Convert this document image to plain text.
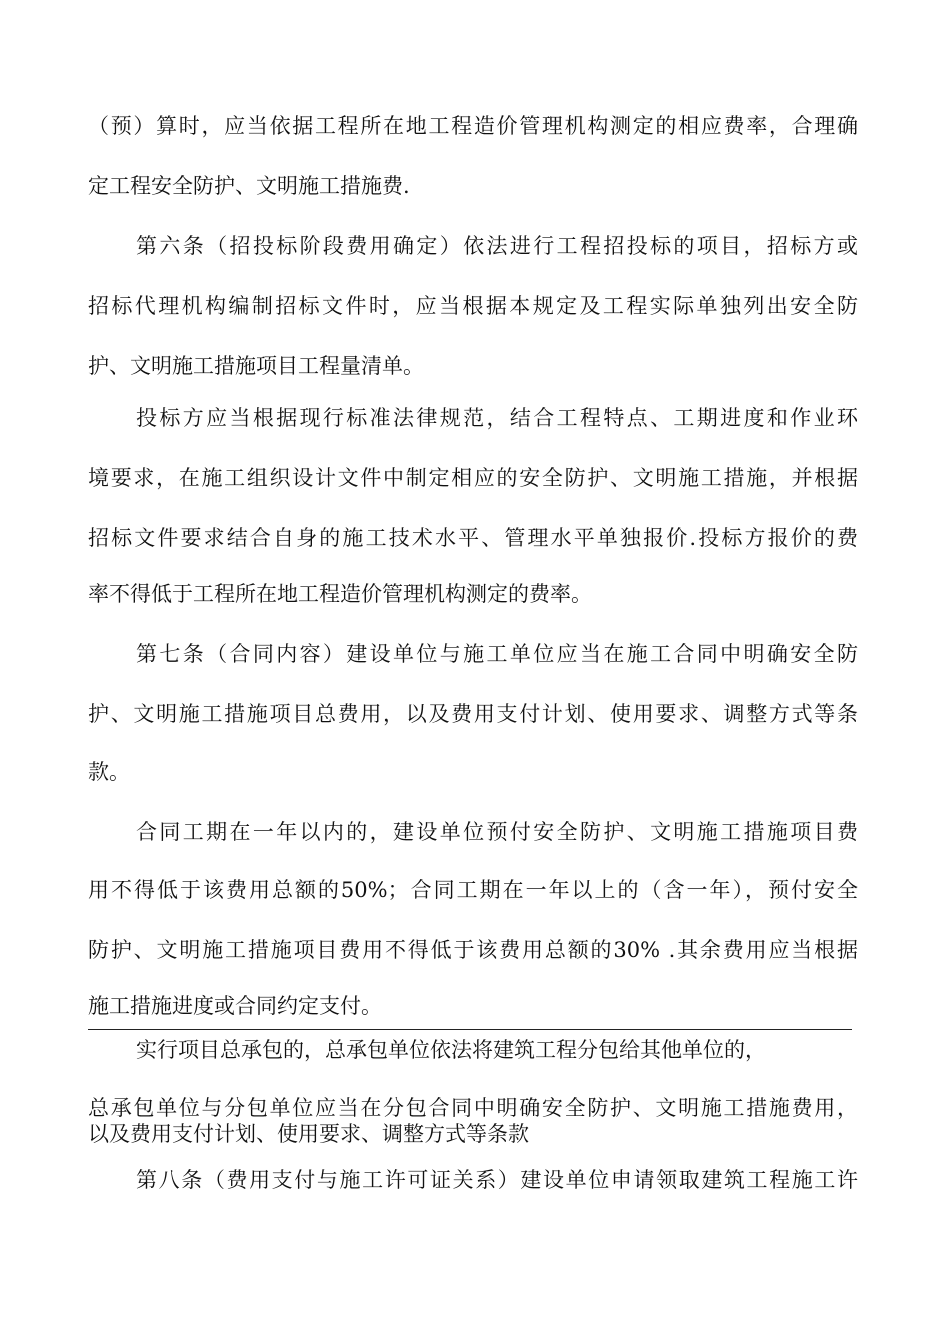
（预）算时，应当依据工程所在地工程造价管理机构测定的相应费率，合理确
定工程安全防护、文明施工措施费.
第六条（招投标阶段费用确定）依法进行工程招投标的项目，招标方或
招标代理机构编制招标文件时，应当根据本规定及工程实际单独列出安全防
护、文明施工措施项目工程量清单。
投标方应当根据现行标准法律规范，结合工程特点、工期进度和作业环
境要求，在施工组织设计文件中制定相应的安全防护、文明施工措施，并根据
招标文件要求结合自身的施工技术水平、管理水平单独报价.投标方报价的费
率不得低于工程所在地工程造价管理机构测定的费率。
第七条（合同内容）建设单位与施工单位应当在施工合同中明确安全防
护、文明施工措施项目总费用，以及费用支付计划、使用要求、调整方式等条
款。
合同工期在一年以内的，建设单位预付安全防护、文明施工措施项目费
用不得低于该费用总额的50%；合同工期在一年以上的（含一年），预付安全
防护、文明施工措施项目费用不得低于该费用总额的30% .其余费用应当根据
施工措施进度或合同约定支付。
实行项目总承包的，总承包单位依法将建筑工程分包给其他单位的，
总承包单位与分包单位应当在分包合同中明确安全防护、文明施工措施费用，
以及费用支付计划、使用要求、调整方式等条款
第八条（费用支付与施工许可证关系）建设单位申请领取建筑工程施工许
